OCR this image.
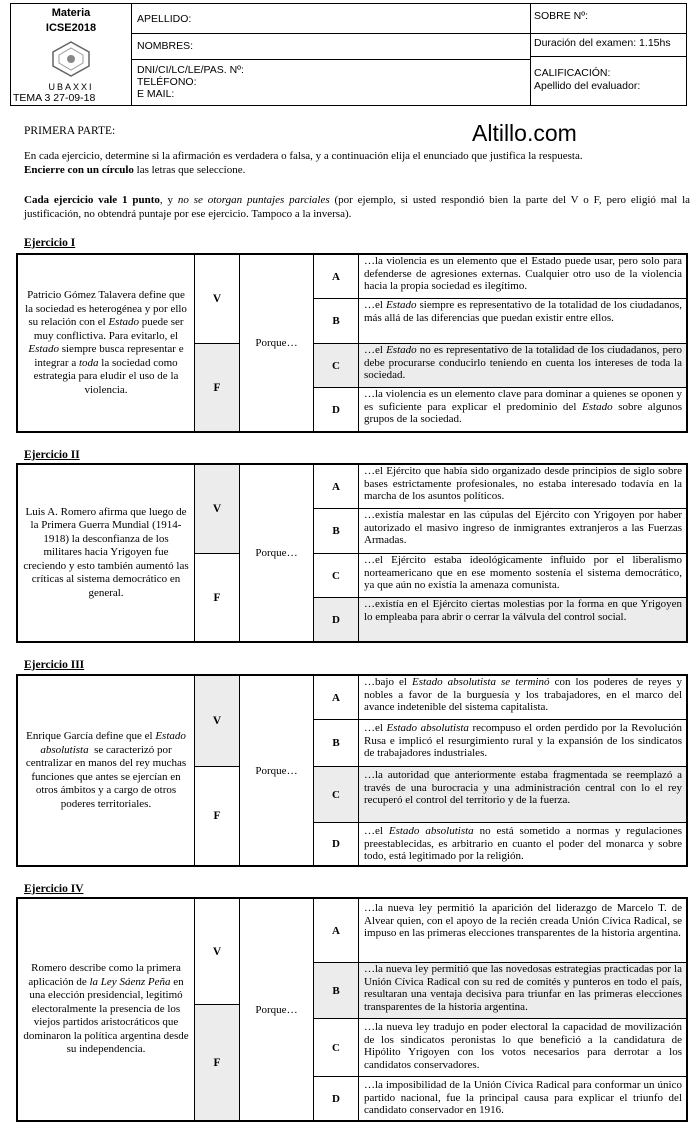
Materia
ICSE2018
UBAXXI
TEMA 3 27-09-18
APELLIDO:
NOMBRES:
DNI/CI/LC/LE/PAS. Nº:
TELÉFONO:
E MAIL:
SOBRE Nº:
Duración del examen: 1.15hs
CALIFICACIÓN:
Apellido del evaluador:
PRIMERA PARTE:	Altillo.com
En cada ejercicio, determine si la afirmación es verdadera o falsa, y a continuación elija el enunciado que justifica la respuesta.
Encierre con un círculo las letras que seleccione.
Cada ejercicio vale 1 punto, y no se otorgan puntajes parciales (por ejemplo, si usted respondió bien la parte del V o F, pero eligió mal la justificación, no obtendrá puntaje por ese ejercicio. Tampoco a la inversa).
Ejercicio I
Patricio Gómez Talavera define que la sociedad es heterogénea y por ello su relación con el Estado puede ser muy conflictiva. Para evitarlo, el Estado siempre busca representar e integrar a toda la sociedad como estrategia para eludir el uso de la violencia.
V
F
Porque…
A
…la violencia es un elemento que el Estado puede usar, pero solo para defenderse de agresiones externas. Cualquier otro uso de la violencia hacia la propia sociedad es ilegítimo.
B
…el Estado siempre es representativo de la totalidad de los ciudadanos, más allá de las diferencias que puedan existir entre ellos.
C
…el Estado no es representativo de la totalidad de los ciudadanos, pero debe procurarse conducirlo teniendo en cuenta los intereses de toda la sociedad.
D
…la violencia es un elemento clave para dominar a quienes se oponen y es suficiente para explicar el predominio del Estado sobre algunos grupos de la sociedad.
Ejercicio II
Luis A. Romero afirma que luego de la Primera Guerra Mundial (1914-1918) la desconfianza de los militares hacia Yrigoyen fue creciendo y esto también aumentó las críticas al sistema democrático en general.
V
F
Porque…
A
…el Ejército que había sido organizado desde principios de siglo sobre bases estrictamente profesionales, no estaba interesado todavía en la marcha de los asuntos políticos.
B
…existía malestar en las cúpulas del Ejército con Yrigoyen por haber autorizado el masivo ingreso de inmigrantes extranjeros a las Fuerzas Armadas.
C
…el Ejército estaba ideológicamente influido por el liberalismo norteamericano que en ese momento sostenía el sistema democrático, ya que aún no existía la amenaza comunista.
D
…existía en el Ejército ciertas molestias por la forma en que Yrigoyen lo empleaba para abrir o cerrar la válvula del control social.
Ejercicio III
Enrique García define que el Estado absolutista  se caracterizó por centralizar en manos del rey muchas funciones que antes se ejercían en otros ámbitos y a cargo de otros poderes territoriales.
V
F
Porque…
A
…bajo el Estado absolutista se terminó con los poderes de reyes y nobles a favor de la burguesía y los trabajadores, en el marco del avance indetenible del sistema capitalista.
B
…el Estado absolutista recompuso el orden perdido por la Revolución Rusa e implicó el resurgimiento rural y la expansión de los sindicatos de trabajadores industriales.
C
…la autoridad que anteriormente estaba fragmentada se reemplazó a través de una burocracia y una administración central con lo el rey recuperó el control del territorio y de la fuerza.
D
…el Estado absolutista no está sometido a normas y regulaciones preestablecidas, es arbitrario en cuanto el poder del monarca y sobre todo, está legitimado por la religión.
Ejercicio IV
Romero describe como la primera aplicación de la Ley Sáenz Peña en una elección presidencial, legitimó electoralmente la presencia de los viejos partidos aristocráticos que dominaron la política argentina desde su independencia.
V
F
Porque…
A
…la nueva ley permitió la aparición del liderazgo de Marcelo T. de Alvear quien, con el apoyo de la recién creada Unión Cívica Radical, se impuso en las primeras elecciones transparentes de la historia argentina.
B
…la nueva ley permitió que las novedosas estrategias practicadas por la Unión Cívica Radical con su red de comités y punteros en todo el país, resultaran una ventaja decisiva para triunfar en las primeras elecciones transparentes de la historia argentina.
C
…la nueva ley tradujo en poder electoral la capacidad de movilización de los sindicatos peronistas lo que benefició a la candidatura de Hipólito Yrigoyen con los votos necesarios para derrotar a los candidatos conservadores.
D
…la imposibilidad de la Unión Cívica Radical para conformar un único partido nacional, fue la principal causa para explicar el triunfo del candidato conservador en 1916.
